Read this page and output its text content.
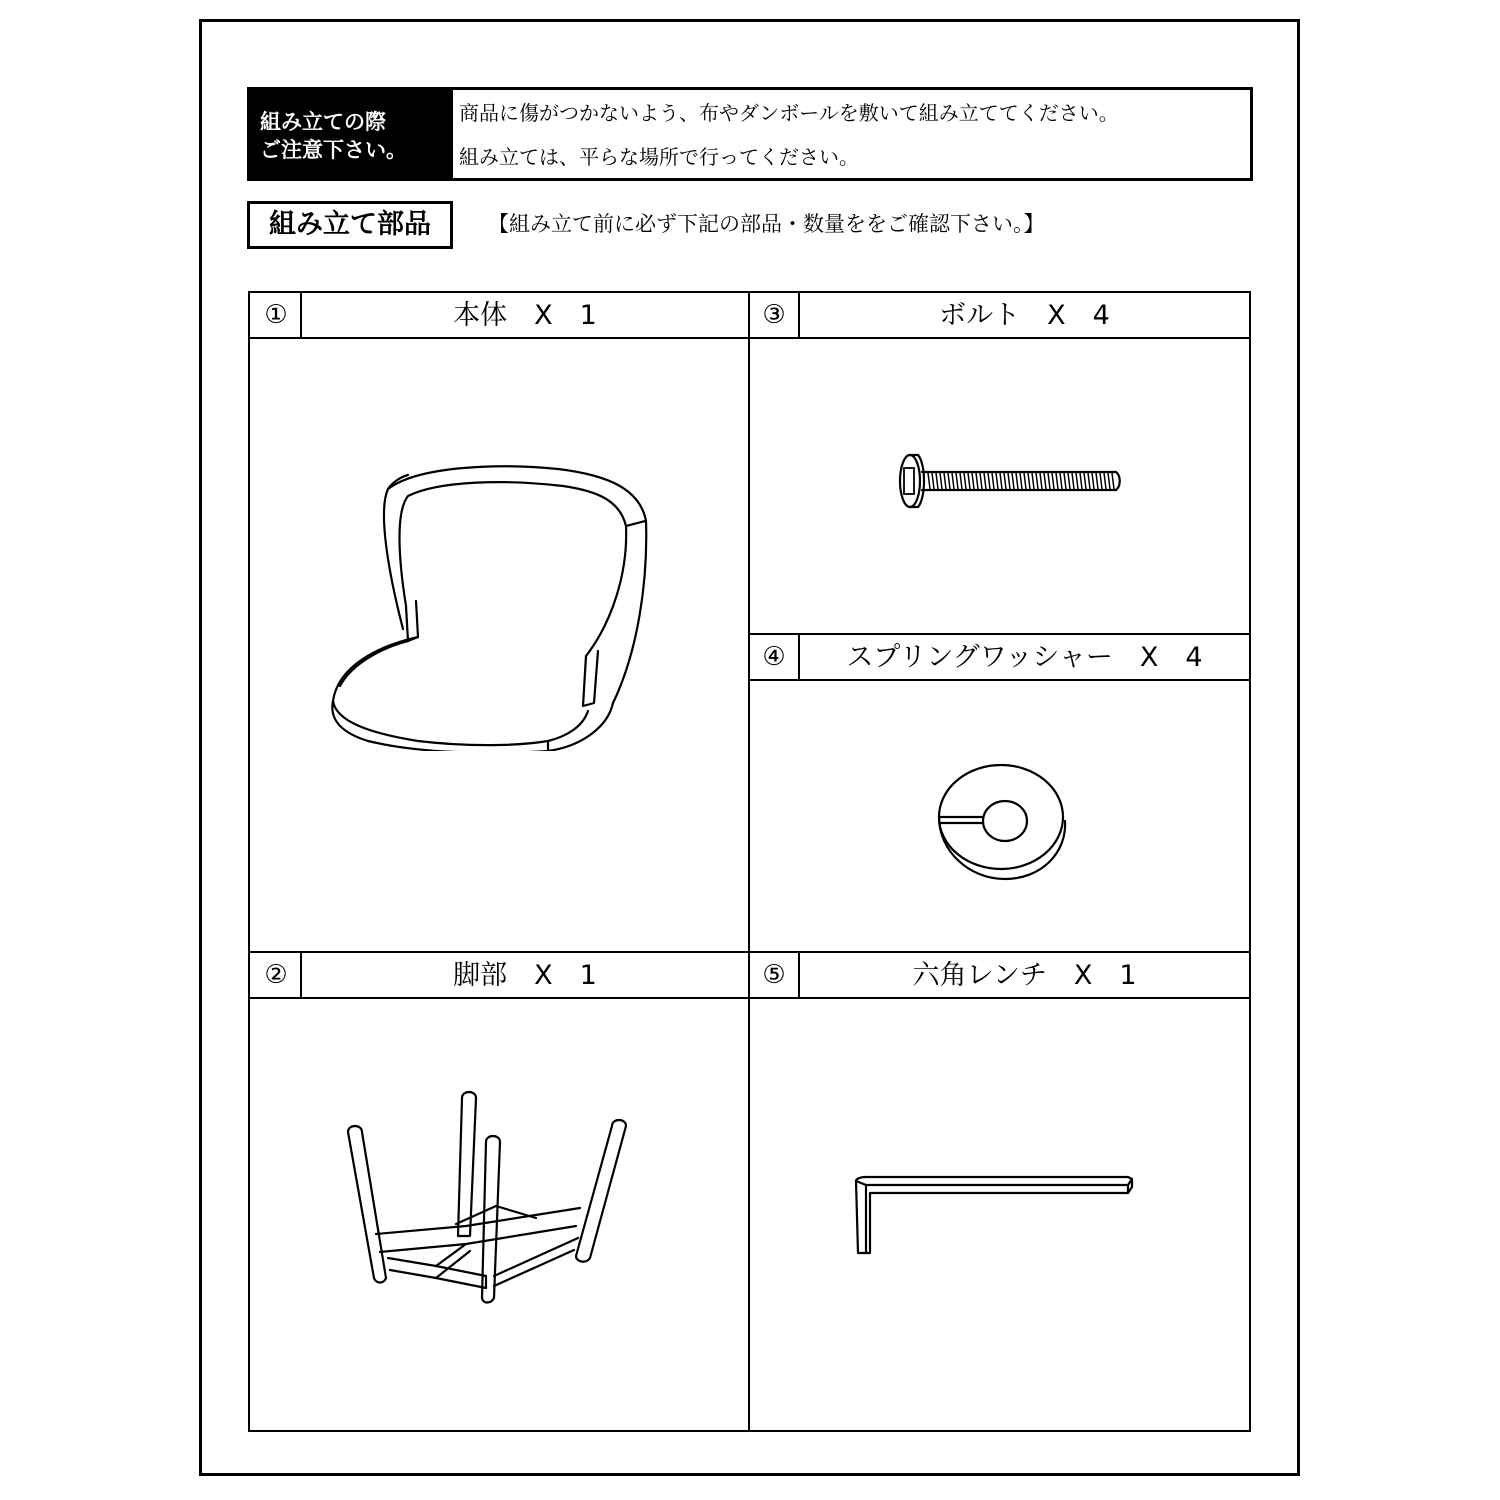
組み立ての際
ご注意下さい。
商品に傷がつかないよう、布やダンボールを敷いて組み立ててください。
組み立ては、平らな場所で行ってください。
組み立て部品	【組み立て前に必ず下記の部品・数量ををご確認下さい。】
①	本体　X　1	③	ボルト　X　4
④	スプリングワッシャー　X　4
②	脚部　X　1	⑤	六角レンチ　X　1
